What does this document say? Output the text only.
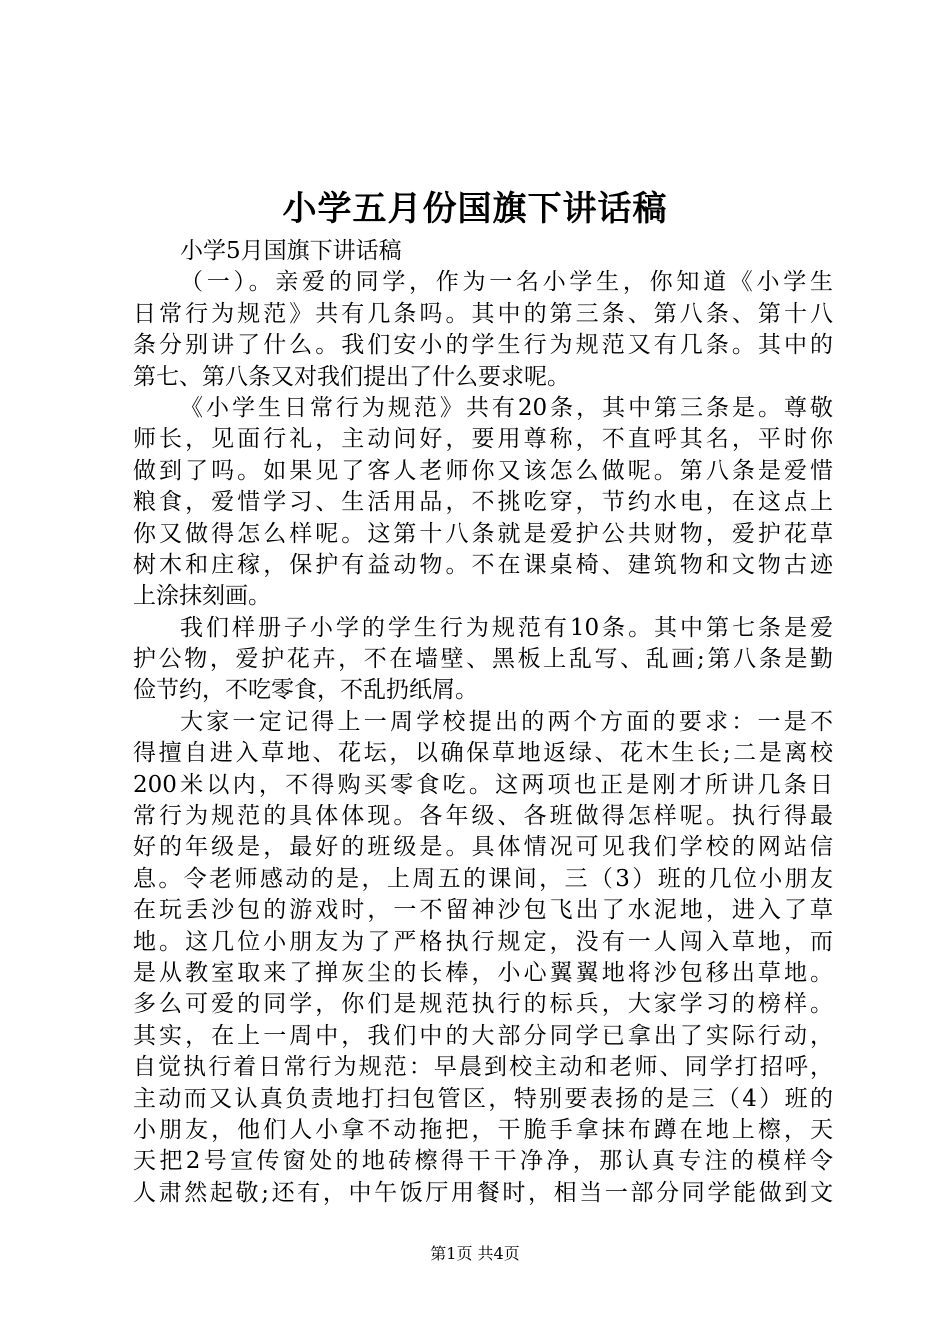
小学五月份国旗下讲话稿
小学5月国旗下讲话稿
（一）。亲爱的同学，作为一名小学生，你知道《小学生
日常行为规范》共有几条吗。其中的第三条、第八条、第十八
条分别讲了什么。我们安小的学生行为规范又有几条。其中的
第七、第八条又对我们提出了什么要求呢。
《小学生日常行为规范》共有20条，其中第三条是。尊敬
师长，见面行礼，主动问好，要用尊称，不直呼其名，平时你
做到了吗。如果见了客人老师你又该怎么做呢。第八条是爱惜
粮食，爱惜学习、生活用品，不挑吃穿，节约水电，在这点上
你又做得怎么样呢。这第十八条就是爱护公共财物，爱护花草
树木和庄稼，保护有益动物。不在课桌椅、建筑物和文物古迹
上涂抹刻画。
我们样册子小学的学生行为规范有10条。其中第七条是爱
护公物，爱护花卉，不在墙壁、黑板上乱写、乱画;第八条是勤
俭节约，不吃零食，不乱扔纸屑。
大家一定记得上一周学校提出的两个方面的要求：一是不
得擅自进入草地、花坛，以确保草地返绿、花木生长;二是离校
200米以内，不得购买零食吃。这两项也正是刚才所讲几条日
常行为规范的具体体现。各年级、各班做得怎样呢。执行得最
好的年级是，最好的班级是。具体情况可见我们学校的网站信
息。令老师感动的是，上周五的课间，三（3）班的几位小朋友
在玩丢沙包的游戏时，一不留神沙包飞出了水泥地，进入了草
地。这几位小朋友为了严格执行规定，没有一人闯入草地，而
是从教室取来了掸灰尘的长棒，小心翼翼地将沙包移出草地。
多么可爱的同学，你们是规范执行的标兵，大家学习的榜样。
其实，在上一周中，我们中的大部分同学已拿出了实际行动，
自觉执行着日常行为规范：早晨到校主动和老师、同学打招呼，
主动而又认真负责地打扫包管区，特别要表扬的是三（4）班的
小朋友，他们人小拿不动拖把，干脆手拿抹布蹲在地上檫，天
天把2号宣传窗处的地砖檫得干干净净，那认真专注的模样令
人肃然起敬;还有，中午饭厅用餐时，相当一部分同学能做到文
第1页 共4页
